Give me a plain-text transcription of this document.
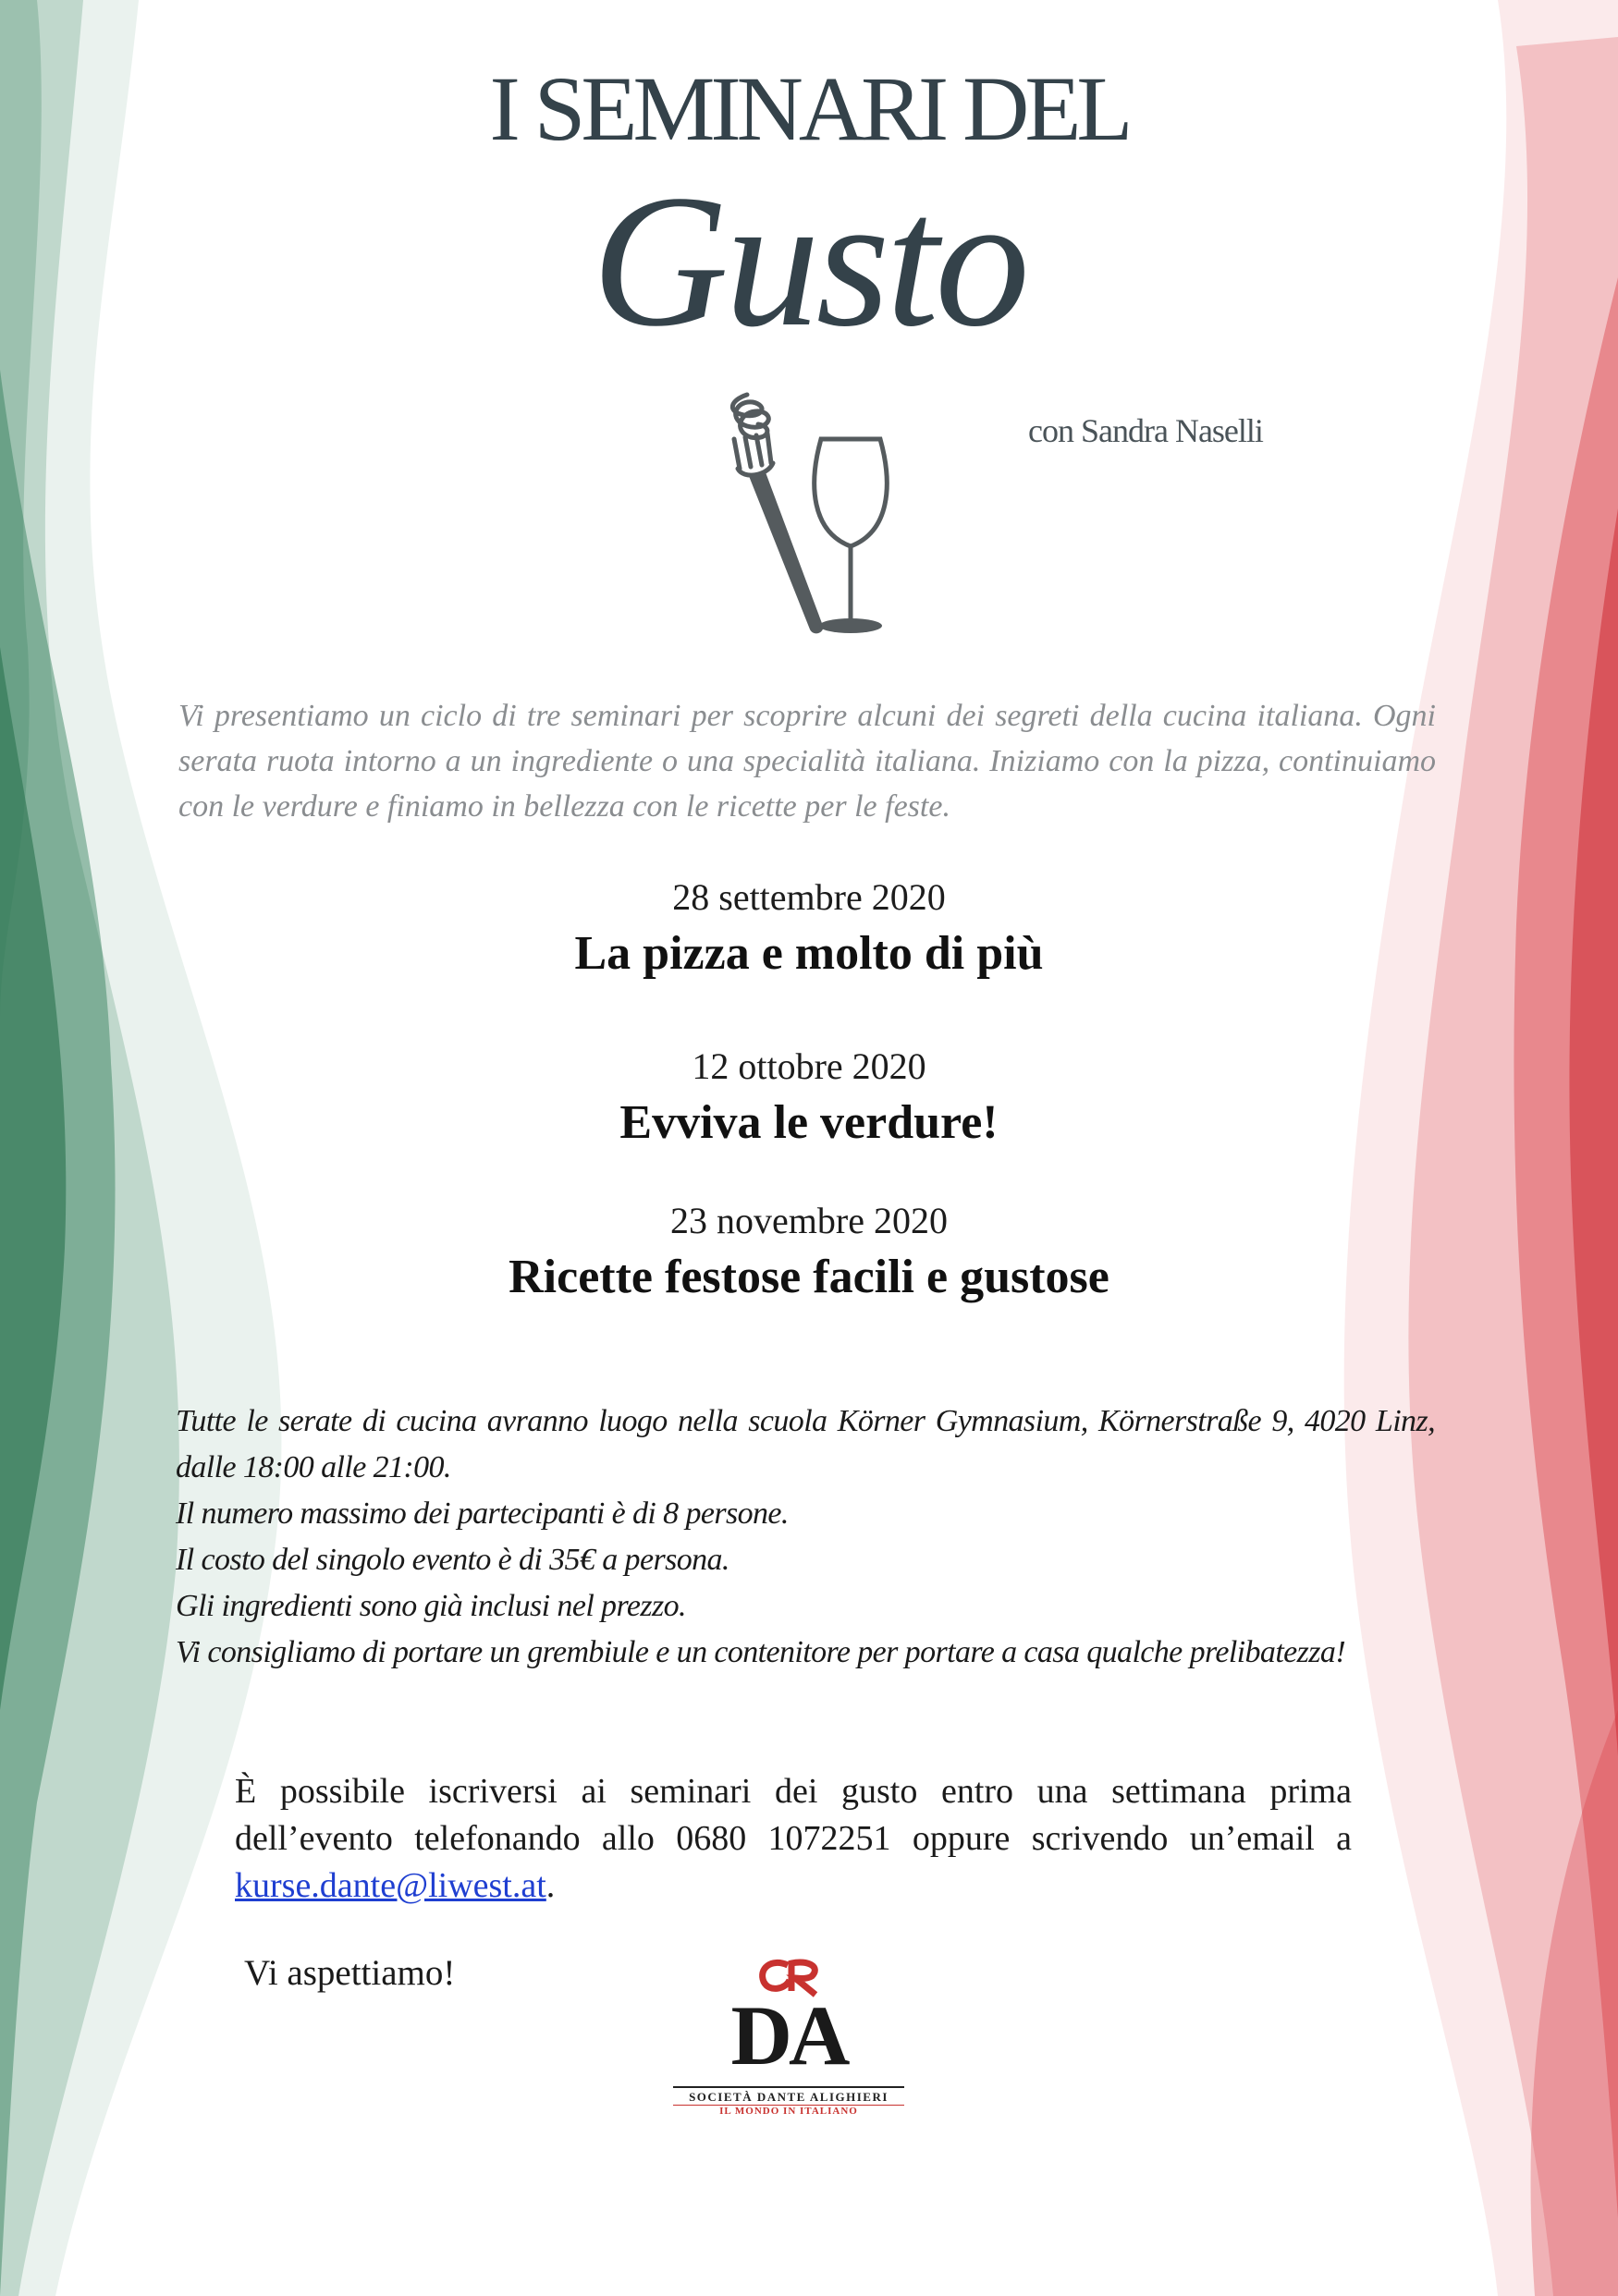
I SEMINARI DEL
Gusto
con Sandra Naselli
Vi presentiamo un ciclo di tre seminari per scoprire alcuni dei segreti della cucina italiana. Ogni serata ruota intorno a un ingrediente o una specialità italiana. Iniziamo con la pizza, continuiamo con le verdure e finiamo in bellezza con le ricette per le feste.
28 settembre 2020
La pizza e molto di più
12 ottobre 2020
Evviva le verdure!
23 novembre 2020
Ricette festose facili e gustose

Tutte le serate di cucina avranno luogo nella scuola Körner Gymnasium, Körnerstraße 9, 4020 Linz, dalle 18:00 alle 21:00.

Il numero massimo dei partecipanti è di 8 persone.

Il costo del singolo evento è di 35€ a persona.

Gli ingredienti sono già inclusi nel prezzo.

Vi consigliamo di portare un grembiule e un contenitore per portare a casa qualche prelibatezza!

È possibile iscriversi ai seminari dei gusto entro una settimana prima dell’evento telefonando allo 0680 1072251 oppure scrivendo un’email a kurse.dante@liwest.at.
Vi aspettiamo!
DA
SOCIETÀ DANTE ALIGHIERI
IL MONDO IN ITALIANO
